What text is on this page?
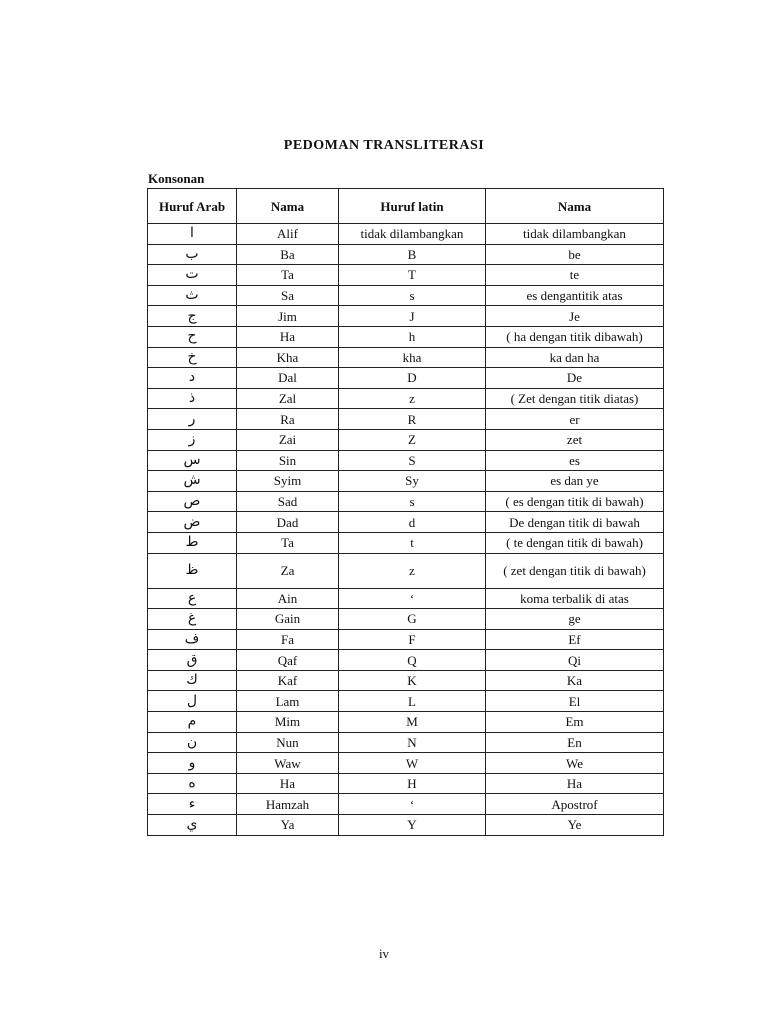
PEDOMAN TRANSLITERASI
Konsonan
Huruf Arab	Nama	Huruf latin	Nama
ا	Alif	tidak dilambangkan	tidak dilambangkan
ب	Ba	B	be
ت	Ta	T	te
ث	Sa	s	es dengantitik atas
ج	Jim	J	Je
ح	Ha	h	( ha dengan titik dibawah)
خ	Kha	kha	ka dan ha
د	Dal	D	De
ذ	Zal	z	( Zet dengan titik diatas)
ر	Ra	R	er
ز	Zai	Z	zet
س	Sin	S	es
ش	Syim	Sy	es dan ye
ص	Sad	s	( es dengan titik di bawah)
ض	Dad	d	De dengan titik di bawah
ط	Ta	t	( te dengan titik di bawah)
ظ	Za	z	( zet dengan titik di bawah)
ع	Ain	‘	koma terbalik di atas
غ	Gain	G	ge
ف	Fa	F	Ef
ق	Qaf	Q	Qi
ك	Kaf	K	Ka
ل	Lam	L	El
م	Mim	M	Em
ن	Nun	N	En
و	Waw	W	We
ه	Ha	H	Ha
ء	Hamzah	‘	Apostrof
ي	Ya	Y	Ye
iv
